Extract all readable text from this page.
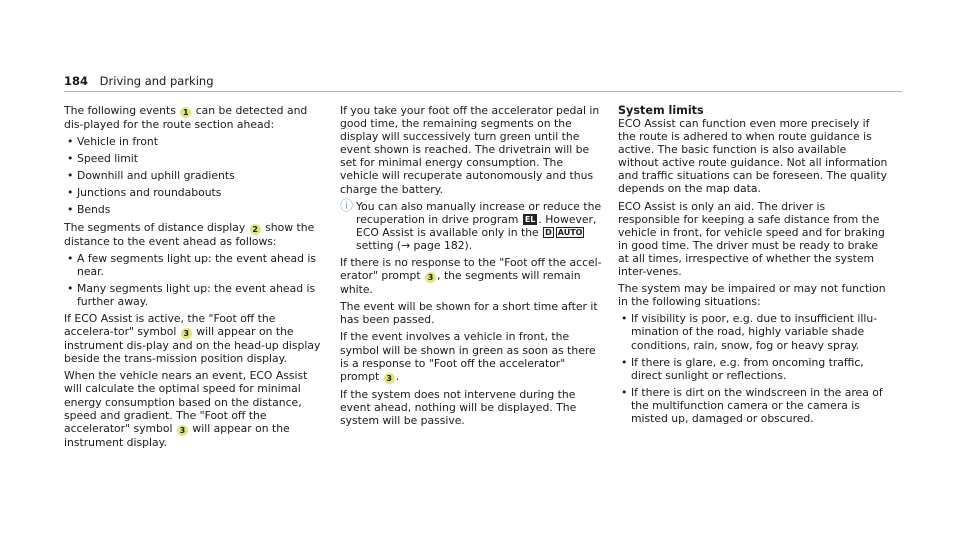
184 Driving and parking

The following events 1 can be detected and dis-played for the route section ahead:

• Vehicle in front
• Speed limit
• Downhill and uphill gradients
• Junctions and roundabouts
• Bends

The segments of distance display 2 show the distance to the event ahead as follows:

• A few segments light up: the event ahead is near.
• Many segments light up: the event ahead is further away.

If ECO Assist is active, the "Foot off the accelera-tor" symbol 3 will appear on the instrument dis-play and on the head-up display beside the trans-mission position display.

When the vehicle nears an event, ECO Assist will calculate the optimal speed for minimal energy consumption based on the distance, speed and gradient. The "Foot off the accelerator" symbol 3 will appear on the instrument display.

If you take your foot off the accelerator pedal in good time, the remaining segments on the display will successively turn green until the event shown is reached. The drivetrain will be set for minimal energy consumption. The vehicle will recuperate autonomously and thus charge the battery.

ⓘ You can also manually increase or reduce the recuperation in drive program EL . However, ECO Assist is available only in the D AUTO setting (→ page 182).

If there is no response to the "Foot off the accel-erator" prompt 3 , the segments will remain white.

The event will be shown for a short time after it has been passed.

If the event involves a vehicle in front, the symbol will be shown in green as soon as there is a response to "Foot off the accelerator" prompt 3 .

If the system does not intervene during the event ahead, nothing will be displayed. The system will be passive.

System limits

ECO Assist can function even more precisely if the route is adhered to when route guidance is active. The basic function is also available without active route guidance. Not all information and traffic situations can be foreseen. The quality depends on the map data.

ECO Assist is only an aid. The driver is responsible for keeping a safe distance from the vehicle in front, for vehicle speed and for braking in good time. The driver must be ready to brake at all times, irrespective of whether the system inter-venes.

The system may be impaired or may not function in the following situations:

• If visibility is poor, e.g. due to insufficient illu-mination of the road, highly variable shade conditions, rain, snow, fog or heavy spray.
• If there is glare, e.g. from oncoming traffic, direct sunlight or reflections.
• If there is dirt on the windscreen in the area of the multifunction camera or the camera is misted up, damaged or obscured.
